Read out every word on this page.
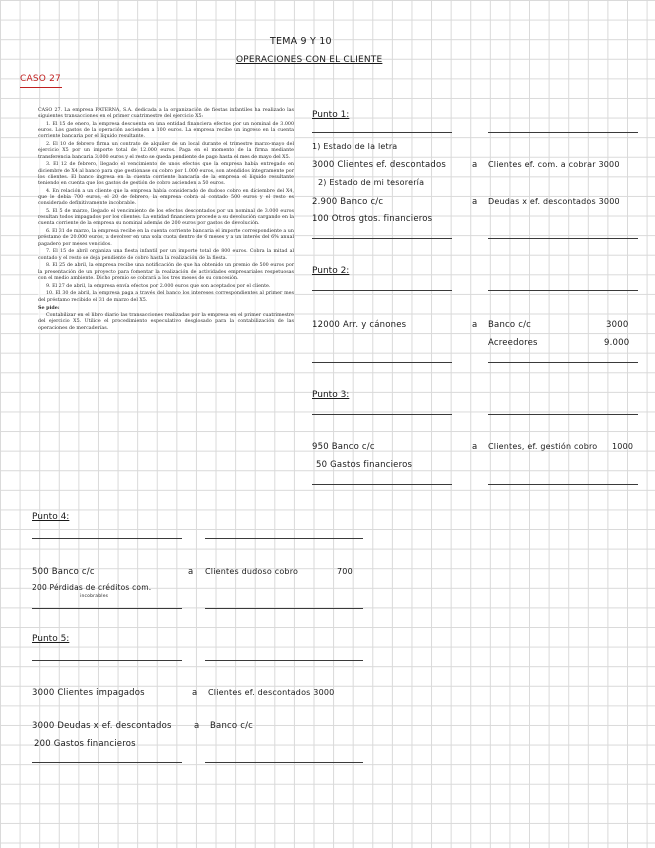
TEMA 9 Y 10
OPERACIONES CON EL CLIENTE
CASO 27

CASO 27. La empresa PATERNA, S.A. dedicada a la organización de fiestas infantiles ha realizado las siguientes transacciones en el primer cuatrimestre del ejercicio X5:

1. El 15 de enero, la empresa descuenta en una entidad financiera efectos por un nominal de 3.000 euros. Los gastos de la operación ascienden a 100 euros. La empresa recibe un ingreso en la cuenta corriente bancaria por el líquido resultante.

2. El 10 de febrero firma un contrato de alquiler de un local durante el trimestre marzo-mayo del ejercicio X5 por un importe total de 12.000 euros. Paga en el momento de la firma mediante transferencia bancaria 3.000 euros y el resto se queda pendiente de pago hasta el mes de mayo del X5.

3. El 12 de febrero, llegado el vencimiento de unos efectos que la empresa había entregado en diciembre de X4 al banco para que gestionase su cobro por 1.000 euros, son atendidos íntegramente por los clientes. El banco ingresa en la cuenta corriente bancaria de la empresa el líquido resultante teniendo en cuenta que los gastos de gestión de cobro ascienden a 50 euros.

4. En relación a un cliente que la empresa había considerado de dudoso cobro en diciembre del X4, que le debía 700 euros, el 20 de febrero, la empresa cobra al contado 500 euros y el resto es considerado definitivamente incobrable.

5. El 5 de marzo, llegado el vencimiento de los efectos descontados por un nominal de 3.000 euros resultan todos impagados por los clientes. La entidad financiera procede a su devolución cargando en la cuenta corriente de la empresa su nominal además de 200 euros por gastos de devolución.

6. El 31 de marzo, la empresa recibe en la cuenta corriente bancaria el importe correspondiente a un préstamo de 20.000 euros, a devolver en una sola cuota dentro de 6 meses y a un interés del 6% anual pagadero por meses vencidos.

7. El 15 de abril organiza una fiesta infantil por un importe total de 800 euros. Cobra la mitad al contado y el resto se deja pendiente de cobro hasta la realización de la fiesta.

8. El 25 de abril, la empresa recibe una notificación de que ha obtenido un premio de 500 euros por la presentación de un proyecto para fomentar la realización de actividades empresariales respetuosas con el medio ambiente. Dicho premio se cobrará a los tres meses de su concesión.

9. El 27 de abril, la empresa envía efectos por 2.000 euros que son aceptados por el cliente.

10. El 30 de abril, la empresa paga a través del banco los intereses correspondientes al primer mes del préstamo recibido el 31 de marzo del X5.

Se pide:

Contabilizar en el libro diario las transacciones realizadas por la empresa en el primer cuatrimestre del ejercicio X5. Utilice el procedimiento especulativo desglosado para la contabilización de las operaciones de mercaderías.

Punto 1:
1) Estado de la letra
3000 Clientes ef. descontados	a Clientes ef. com. a cobrar 3000
2) Estado de mi tesorería
2.900 Banco c/c	a Deudas x ef. descontados 3000
100 Otros gtos. financieros
Punto 2:
12000 Arr. y cánones	a Banco c/c	3000
Acreedores	9.000
Punto 3:
950 Banco c/c	a Clientes, ef. gestión cobro 1000
50 Gastos financieros
Punto 4:
500 Banco c/c	a Clientes dudoso cobro	700
200 Pérdidas de créditos com.
incobrables
Punto 5:
3000 Clientes impagados	a Clientes ef. descontados 3000
3000 Deudas x ef. descontados	a Banco c/c
200 Gastos financieros
